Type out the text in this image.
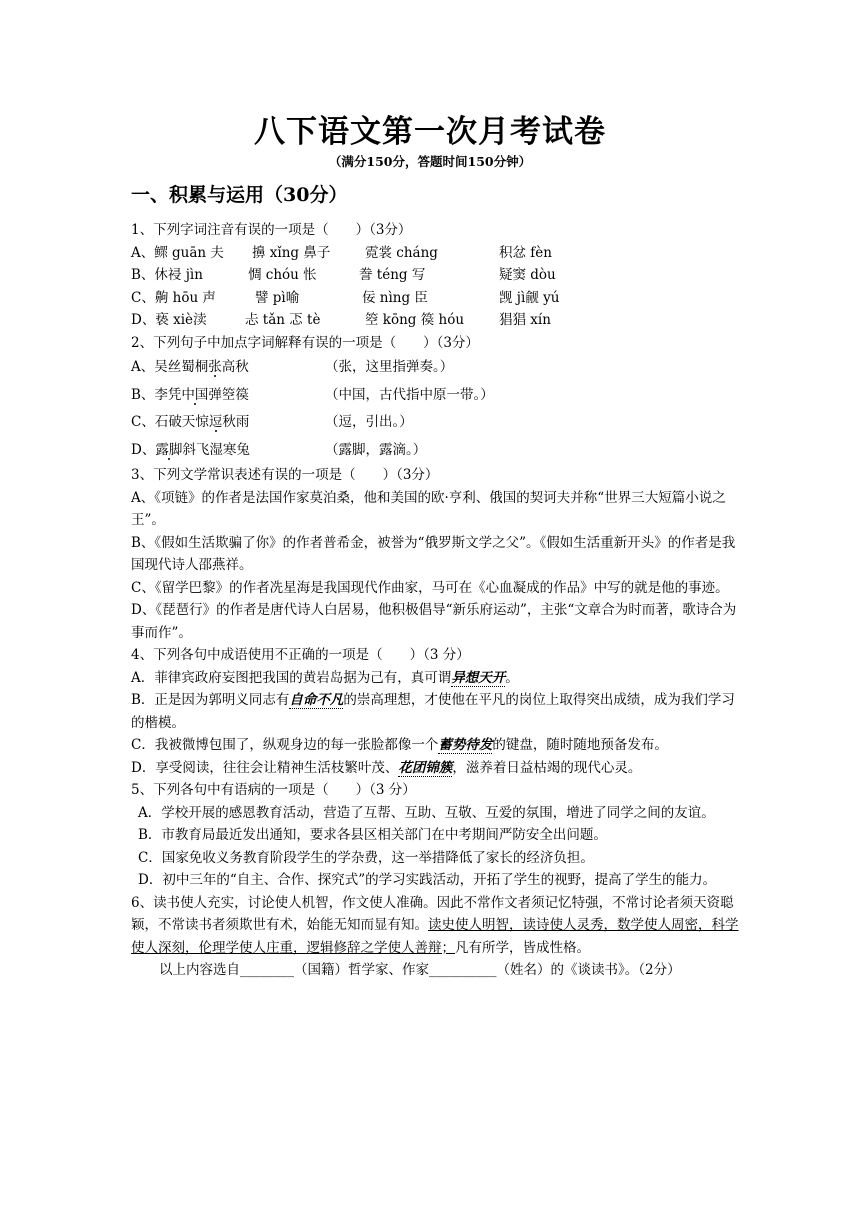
八下语文第一次月考试卷
（满分150分，答题时间150分钟）
一、积累与运用（30分）
1、下列字词注音有误的一项是（　　）（3分）
A、鳏 guān 夫 擤 xǐng 鼻子	霓裳 cháng	积忿 fèn
B、休祲 jìn	惆 chóu 怅	誊 téng 写	疑窦 dòu
C、齁 hōu 声	譬 pì喻	佞 nìng 臣	觊 jì觎 yú
D、亵 xiè渎	忐 tǎn 忑 tè	箜 kōng 篌 hóu	猖猖 xín
2、下列句子中加点字词解释有误的一项是（　　）（3分）
A、吴丝蜀桐张高秋	（张，这里指弹奏。）
B、李凭中国弹箜篌	（中国，古代指中原一带。）
C、石破天惊逗秋雨	（逗，引出。）
D、露脚斜飞湿寒兔	（露脚，露滴。）
3、下列文学常识表述有误的一项是（　　）（3分）
A、《项链》的作者是法国作家莫泊桑，他和美国的欧·亨利、俄国的契诃夫并称“世界三大短篇小说之王”。
B、《假如生活欺骗了你》的作者普希金，被誉为“俄罗斯文学之父”。《假如生活重新开头》的作者是我国现代诗人邵燕祥。
C、《留学巴黎》的作者冼星海是我国现代作曲家，马可在《心血凝成的作品》中写的就是他的事迹。
D、《琵琶行》的作者是唐代诗人白居易，他积极倡导“新乐府运动”，主张“文章合为时而著，歌诗合为事而作”。
4、下列各句中成语使用不正确的一项是（　　）（3 分）
A．菲律宾政府妄图把我国的黄岩岛据为己有，真可谓异想天开。
B．正是因为郭明义同志有自命不凡的崇高理想，才使他在平凡的岗位上取得突出成绩，成为我们学习的楷模。
C．我被微博包围了，纵观身边的每一张脸都像一个蓄势待发的键盘，随时随地预备发布。
D．享受阅读，往往会让精神生活枝繁叶茂、花团锦簇，滋养着日益枯竭的现代心灵。
5、下列各句中有语病的一项是（　　）（3 分）
A．学校开展的感恩教育活动，营造了互帮、互助、互敬、互爱的氛围，增进了同学之间的友谊。
B．市教育局最近发出通知，要求各县区相关部门在中考期间严防安全出问题。
C．国家免收义务教育阶段学生的学杂费，这一举措降低了家长的经济负担。
D．初中三年的“自主、合作、探究式”的学习实践活动，开拓了学生的视野，提高了学生的能力。
6、读书使人充实，讨论使人机智，作文使人准确。因此不常作文者须记忆特强，不常讨论者须天资聪颖，不常读书者须欺世有术，始能无知而显有知。读史使人明智，读诗使人灵秀，数学使人周密，科学使人深刻，伦理学使人庄重，逻辑修辞之学使人善辩；凡有所学，皆成性格。
以上内容选自________（国籍）哲学家、作家__________（姓名）的《谈读书》。（2分）
